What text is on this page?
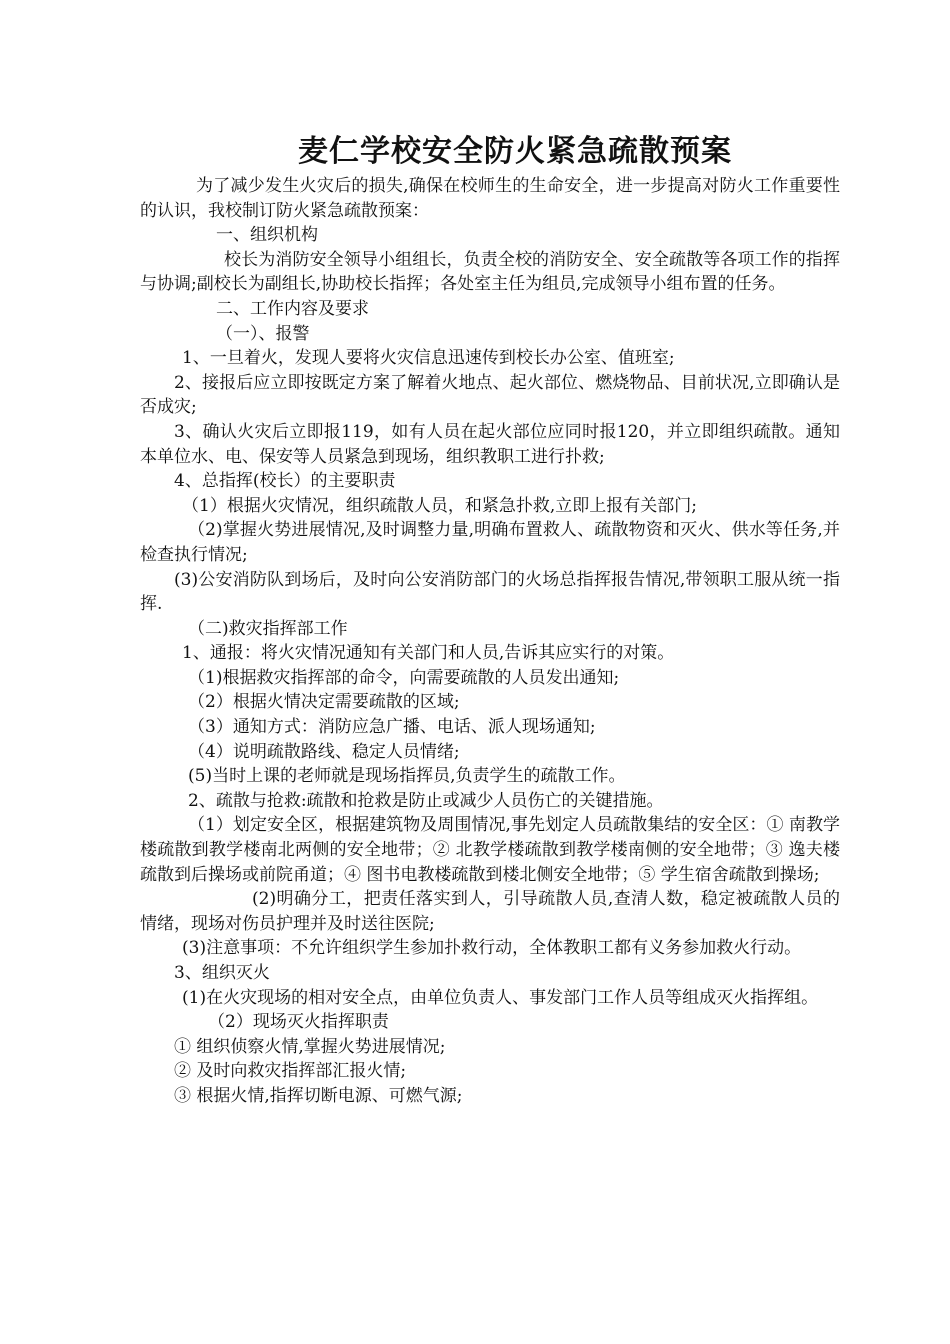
麦仁学校安全防火紧急疏散预案

为了减少发生火灾后的损失,确保在校师生的生命安全，进一步提高对防火工作重要性的认识，我校制订防火紧急疏散预案：

一、组织机构

校长为消防安全领导小组组长，负责全校的消防安全、安全疏散等各项工作的指挥与协调;副校长为副组长,协助校长指挥；各处室主任为组员,完成领导小组布置的任务。

二、工作内容及要求

（一）、报警

1、一旦着火，发现人要将火灾信息迅速传到校长办公室、值班室;

2、接报后应立即按既定方案了解着火地点、起火部位、燃烧物品、目前状况,立即确认是否成灾;

3、确认火灾后立即报119，如有人员在起火部位应同时报120，并立即组织疏散。通知本单位水、电、保安等人员紧急到现场，组织教职工进行扑救;

4、总指挥(校长）的主要职责

（1）根据火灾情况，组织疏散人员，和紧急扑救,立即上报有关部门;

（2)掌握火势进展情况,及时调整力量,明确布置救人、疏散物资和灭火、供水等任务,并检查执行情况;

(3)公安消防队到场后，及时向公安消防部门的火场总指挥报告情况,带领职工服从统一指挥.

（二)救灾指挥部工作

1、通报：将火灾情况通知有关部门和人员,告诉其应实行的对策。

（1)根据救灾指挥部的命令，向需要疏散的人员发出通知;

（2）根据火情决定需要疏散的区域;

（3）通知方式：消防应急广播、电话、派人现场通知;

（4）说明疏散路线、稳定人员情绪;

(5)当时上课的老师就是现场指挥员,负责学生的疏散工作。

2、疏散与抢救:疏散和抢救是防止或减少人员伤亡的关键措施。

（1）划定安全区，根据建筑物及周围情况,事先划定人员疏散集结的安全区：① 南教学楼疏散到教学楼南北两侧的安全地带；② 北教学楼疏散到教学楼南侧的安全地带；③ 逸夫楼疏散到后操场或前院甬道；④ 图书电教楼疏散到楼北侧安全地带；⑤ 学生宿舍疏散到操场;

(2)明确分工，把责任落实到人，引导疏散人员,查清人数，稳定被疏散人员的情绪，现场对伤员护理并及时送往医院;

(3)注意事项：不允许组织学生参加扑救行动，全体教职工都有义务参加救火行动。

3、组织灭火

(1)在火灾现场的相对安全点，由单位负责人、事发部门工作人员等组成灭火指挥组。

（2）现场灭火指挥职责

① 组织侦察火情,掌握火势进展情况;

② 及时向救灾指挥部汇报火情;

③ 根据火情,指挥切断电源、可燃气源;
